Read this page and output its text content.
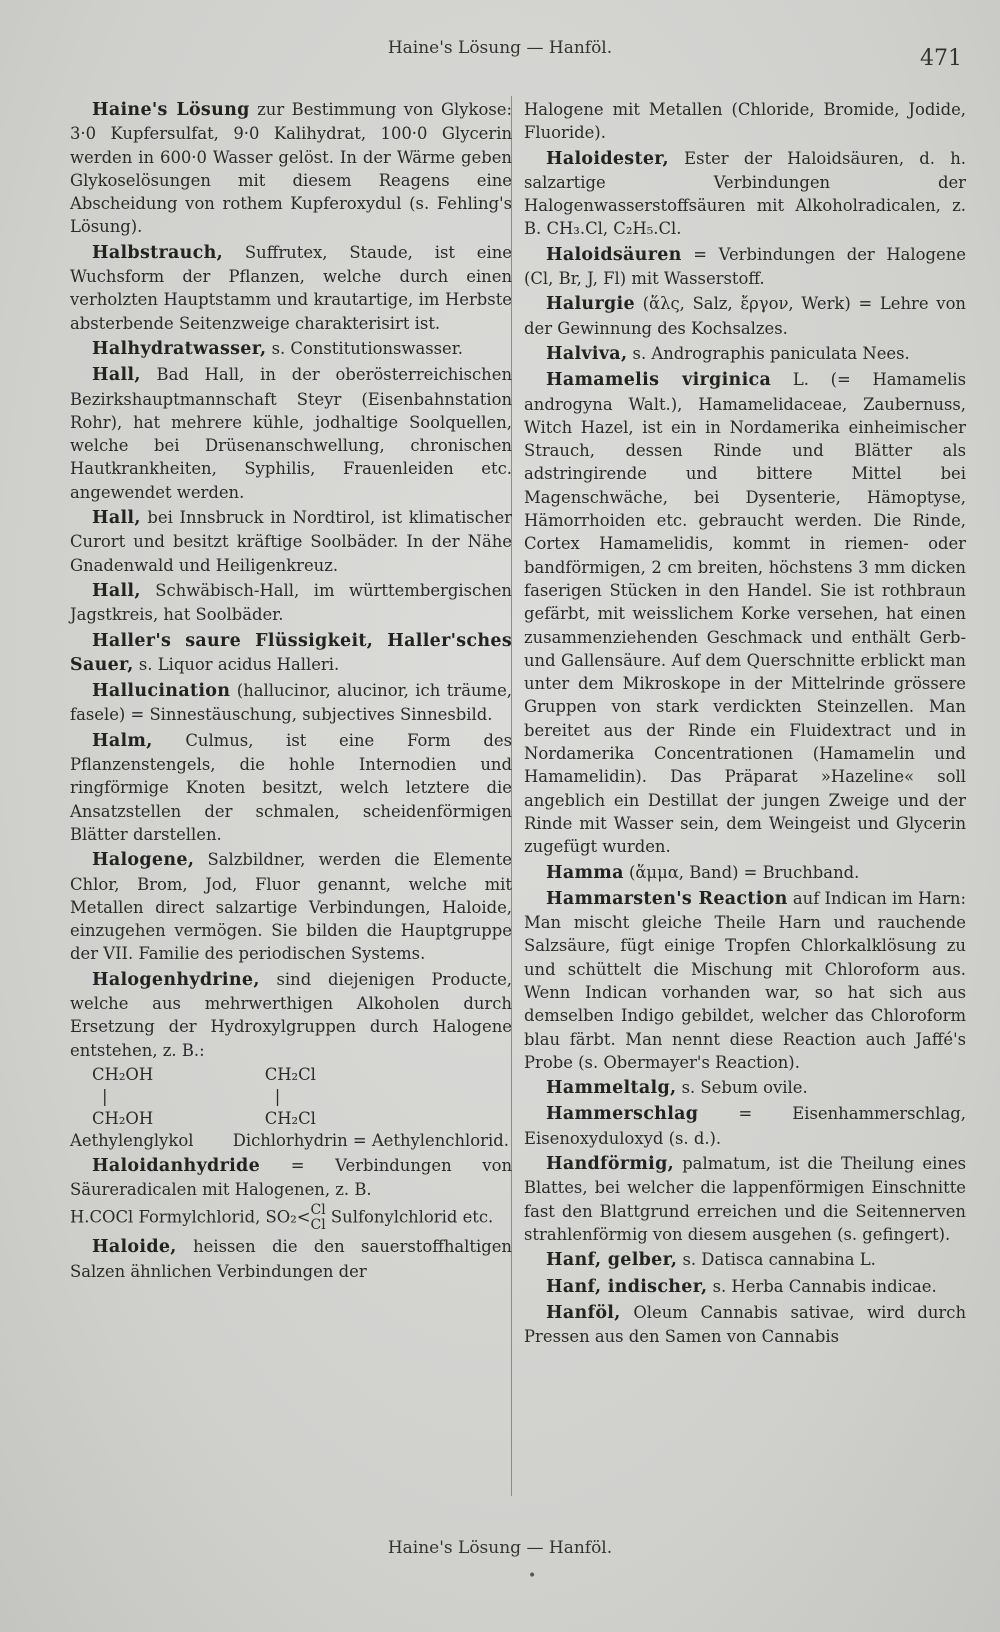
Haine's Lösung — Hanföl.	471

Haine's Lösung zur Bestimmung von Glykose: 3·0 Kupfersulfat, 9·0 Kalihydrat, 100·0 Glycerin werden in 600·0 Wasser gelöst. In der Wärme geben Glykoselösungen mit diesem Reagens eine Abscheidung von rothem Kupferoxydul (s. Fehling's Lösung).

Halbstrauch, Suffrutex, Staude, ist eine Wuchsform der Pflanzen, welche durch einen verholzten Hauptstamm und krautartige, im Herbste absterbende Seitenzweige charakterisirt ist.

Halhydratwasser, s. Constitutionswasser.

Hall, Bad Hall, in der oberösterreichischen Bezirkshauptmannschaft Steyr (Eisenbahnstation Rohr), hat mehrere kühle, jodhaltige Soolquellen, welche bei Drüsenanschwellung, chronischen Hautkrankheiten, Syphilis, Frauenleiden etc. angewendet werden.

Hall, bei Innsbruck in Nordtirol, ist klimatischer Curort und besitzt kräftige Soolbäder. In der Nähe Gnadenwald und Heiligenkreuz.

Hall, Schwäbisch-Hall, im württembergischen Jagstkreis, hat Soolbäder.

Haller's saure Flüssigkeit, Haller'sches Sauer, s. Liquor acidus Halleri.

Hallucination (hallucinor, alucinor, ich träume, fasele) = Sinnestäuschung, subjectives Sinnesbild.

Halm, Culmus, ist eine Form des Pflanzenstengels, die hohle Internodien und ringförmige Knoten besitzt, welch letztere die Ansatzstellen der schmalen, scheidenförmigen Blätter darstellen.

Halogene, Salzbildner, werden die Elemente Chlor, Brom, Jod, Fluor genannt, welche mit Metallen direct salzartige Verbindungen, Haloide, einzugehen vermögen. Sie bilden die Hauptgruppe der VII. Familie des periodischen Systems.

Halogenhydrine, sind diejenigen Producte, welche aus mehrwerthigen Alkoholen durch Ersetzung der Hydroxylgruppen durch Halogene entstehen, z. B.:

CH₂OH	CH₂Cl
|	|
CH₂OH	CH₂Cl
Aethylenglykol	Dichlorhydrin = Aethylenchlorid.

Haloidanhydride = Verbindungen von Säureradicalen mit Halogenen, z. B.

H.COCl Formylchlorid, SO₂< Cl
Cl Sulfonylchlorid etc.

Haloide, heissen die den sauerstoffhaltigen Salzen ähnlichen Verbindungen der

Halogene mit Metallen (Chloride, Bromide, Jodide, Fluoride).

Haloidester, Ester der Haloidsäuren, d. h. salzartige Verbindungen der Halogenwasserstoffsäuren mit Alkoholradicalen, z. B. CH₃.Cl, C₂H₅.Cl.

Haloidsäuren = Verbindungen der Halogene (Cl, Br, J, Fl) mit Wasserstoff.

Halurgie (ἅλς, Salz, ἔργον, Werk) = Lehre von der Gewinnung des Kochsalzes.

Halviva, s. Andrographis paniculata Nees.

Hamamelis virginica L. (= Hamamelis androgyna Walt.), Hamamelidaceae, Zaubernuss, Witch Hazel, ist ein in Nordamerika einheimischer Strauch, dessen Rinde und Blätter als adstringirende und bittere Mittel bei Magenschwäche, bei Dysenterie, Hämoptyse, Hämorrhoiden etc. gebraucht werden. Die Rinde, Cortex Hamamelidis, kommt in riemen- oder bandförmigen, 2 cm breiten, höchstens 3 mm dicken faserigen Stücken in den Handel. Sie ist rothbraun gefärbt, mit weisslichem Korke versehen, hat einen zusammenziehenden Geschmack und enthält Gerb- und Gallensäure. Auf dem Querschnitte erblickt man unter dem Mikroskope in der Mittelrinde grössere Gruppen von stark verdickten Steinzellen. Man bereitet aus der Rinde ein Fluidextract und in Nordamerika Concentrationen (Hamamelin und Hamamelidin). Das Präparat »Hazeline« soll angeblich ein Destillat der jungen Zweige und der Rinde mit Wasser sein, dem Weingeist und Glycerin zugefügt wurden.

Hamma (ἅμμα, Band) = Bruchband.

Hammarsten's Reaction auf Indican im Harn: Man mischt gleiche Theile Harn und rauchende Salzsäure, fügt einige Tropfen Chlorkalklösung zu und schüttelt die Mischung mit Chloroform aus. Wenn Indican vorhanden war, so hat sich aus demselben Indigo gebildet, welcher das Chloroform blau färbt. Man nennt diese Reaction auch Jaffé's Probe (s. Obermayer's Reaction).

Hammeltalg, s. Sebum ovile.

Hammerschlag = Eisenhammerschlag, Eisenoxyduloxyd (s. d.).

Handförmig, palmatum, ist die Theilung eines Blattes, bei welcher die lappenförmigen Einschnitte fast den Blattgrund erreichen und die Seitennerven strahlenförmig von diesem ausgehen (s. gefingert).

Hanf, gelber, s. Datisca cannabina L.

Hanf, indischer, s. Herba Cannabis indicae.

Hanföl, Oleum Cannabis sativae, wird durch Pressen aus den Samen von Cannabis

Haine's Lösung — Hanföl.
•
